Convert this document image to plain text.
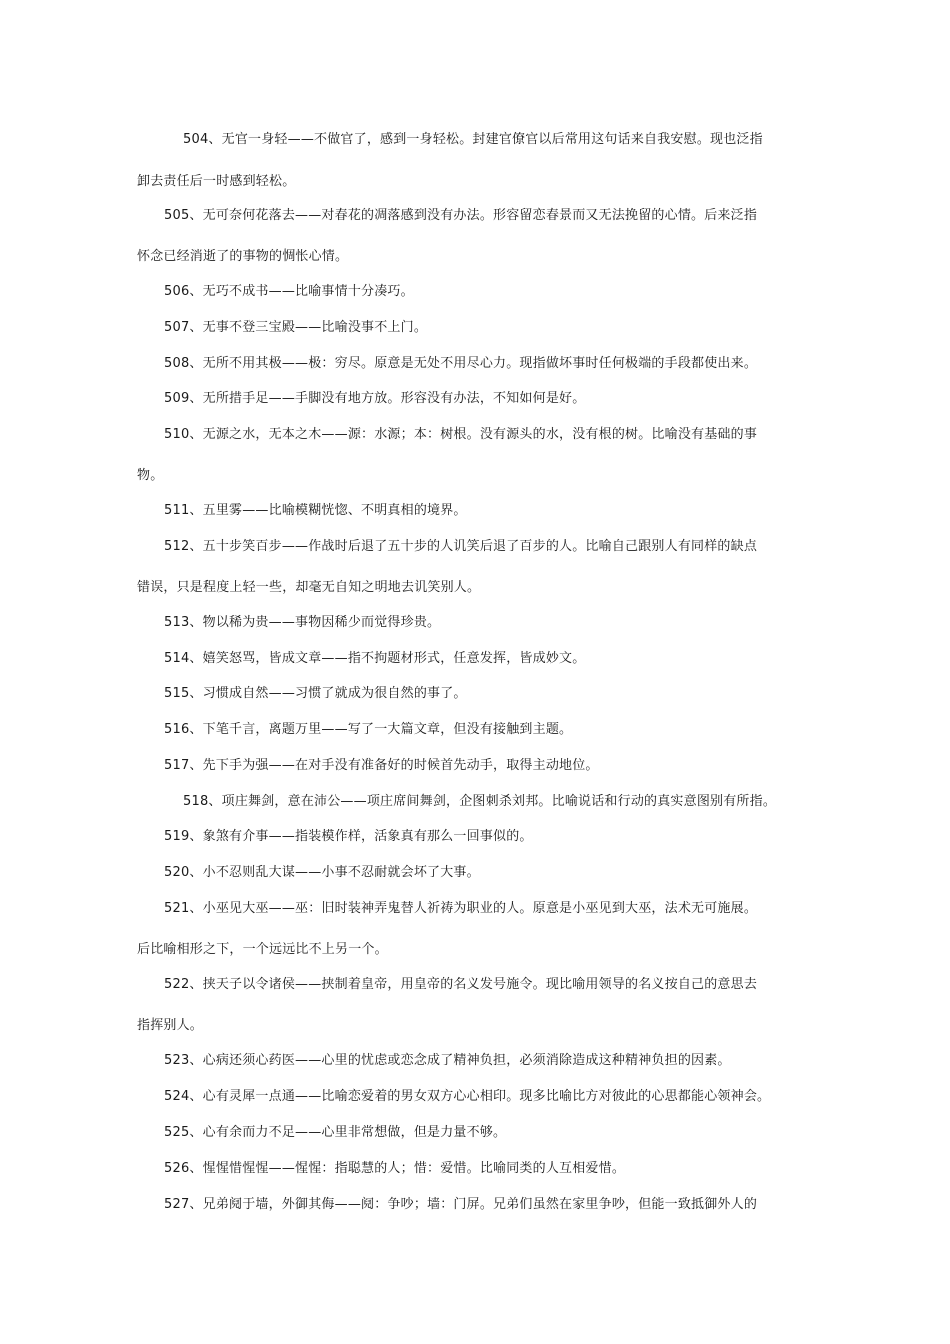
504、无官一身轻——不做官了，感到一身轻松。封建官僚官以后常用这句话来自我安慰。现也泛指
卸去责任后一时感到轻松。
505、无可奈何花落去——对春花的凋落感到没有办法。形容留恋春景而又无法挽留的心情。后来泛指
怀念已经消逝了的事物的惆怅心情。
506、无巧不成书——比喻事情十分凑巧。
507、无事不登三宝殿——比喻没事不上门。
508、无所不用其极——极：穷尽。原意是无处不用尽心力。现指做坏事时任何极端的手段都使出来。
509、无所措手足——手脚没有地方放。形容没有办法，不知如何是好。
510、无源之水，无本之木——源：水源；本：树根。没有源头的水，没有根的树。比喻没有基础的事
物。
511、五里雾——比喻模糊恍惚、不明真相的境界。
512、五十步笑百步——作战时后退了五十步的人讥笑后退了百步的人。比喻自己跟别人有同样的缺点
错误，只是程度上轻一些，却毫无自知之明地去讥笑别人。
513、物以稀为贵——事物因稀少而觉得珍贵。
514、嬉笑怒骂，皆成文章——指不拘题材形式，任意发挥，皆成妙文。
515、习惯成自然——习惯了就成为很自然的事了。
516、下笔千言，离题万里——写了一大篇文章，但没有接触到主题。
517、先下手为强——在对手没有准备好的时候首先动手，取得主动地位。
518、项庄舞剑，意在沛公——项庄席间舞剑，企图刺杀刘邦。比喻说话和行动的真实意图别有所指。
519、象煞有介事——指装模作样，活象真有那么一回事似的。
520、小不忍则乱大谋——小事不忍耐就会坏了大事。
521、小巫见大巫——巫：旧时装神弄鬼替人祈祷为职业的人。原意是小巫见到大巫，法术无可施展。
后比喻相形之下，一个远远比不上另一个。
522、挟天子以令诸侯——挟制着皇帝，用皇帝的名义发号施令。现比喻用领导的名义按自己的意思去
指挥别人。
523、心病还须心药医——心里的忧虑或恋念成了精神负担，必须消除造成这种精神负担的因素。
524、心有灵犀一点通——比喻恋爱着的男女双方心心相印。现多比喻比方对彼此的心思都能心领神会。
525、心有余而力不足——心里非常想做，但是力量不够。
526、惺惺惜惺惺——惺惺：指聪慧的人；惜：爱惜。比喻同类的人互相爱惜。
527、兄弟阋于墙，外御其侮——阋：争吵；墙：门屏。兄弟们虽然在家里争吵，但能一致抵御外人的
